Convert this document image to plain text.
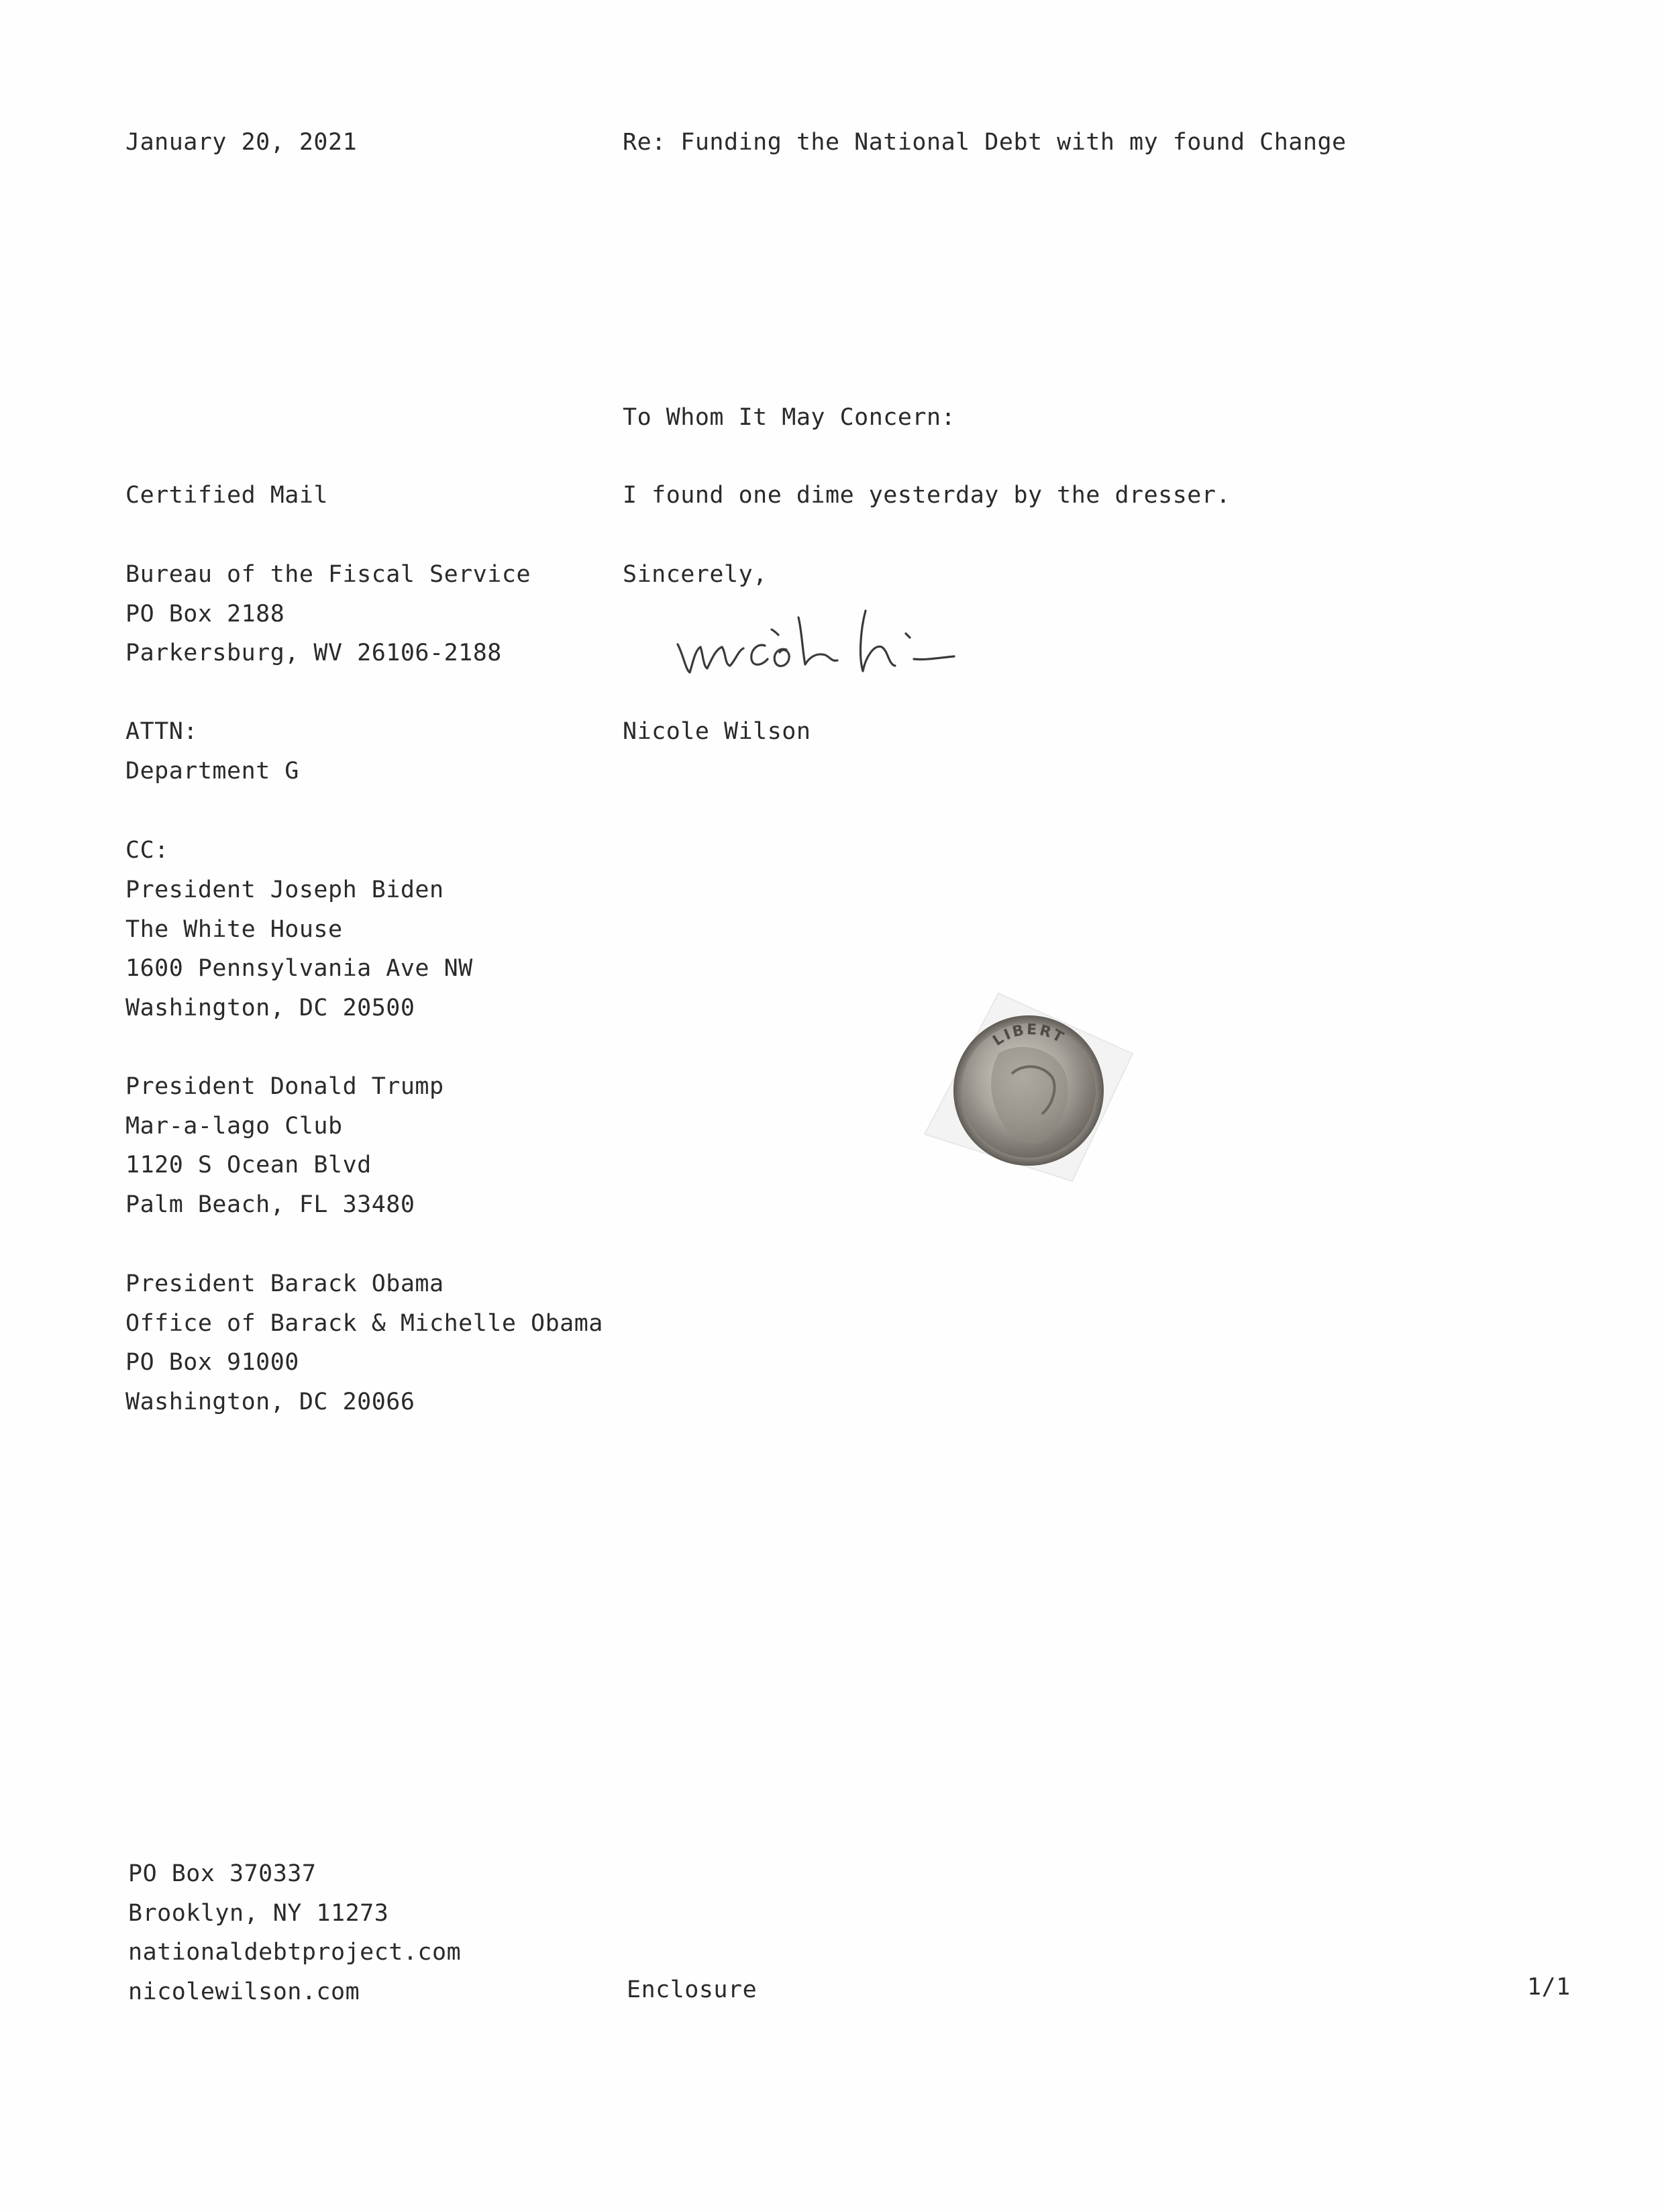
January 20, 2021	Re: Funding the National Debt with my found Change
To Whom It May Concern:
I found one dime yesterday by the dresser.
Sincerely,
Nicole Wilson
Certified Mail
Bureau of the Fiscal Service
PO Box 2188
Parkersburg, WV 26106-2188
ATTN:
Department G
CC:
President Joseph Biden
The White House
1600 Pennsylvania Ave NW
Washington, DC 20500
President Donald Trump
Mar-a-lago Club
1120 S Ocean Blvd
Palm Beach, FL 33480
President Barack Obama
Office of Barack & Michelle Obama
PO Box 91000
Washington, DC 20066
LIBERT
PO Box 370337
Brooklyn, NY 11273
nationaldebtproject.com
nicolewilson.com	Enclosure	1/1
